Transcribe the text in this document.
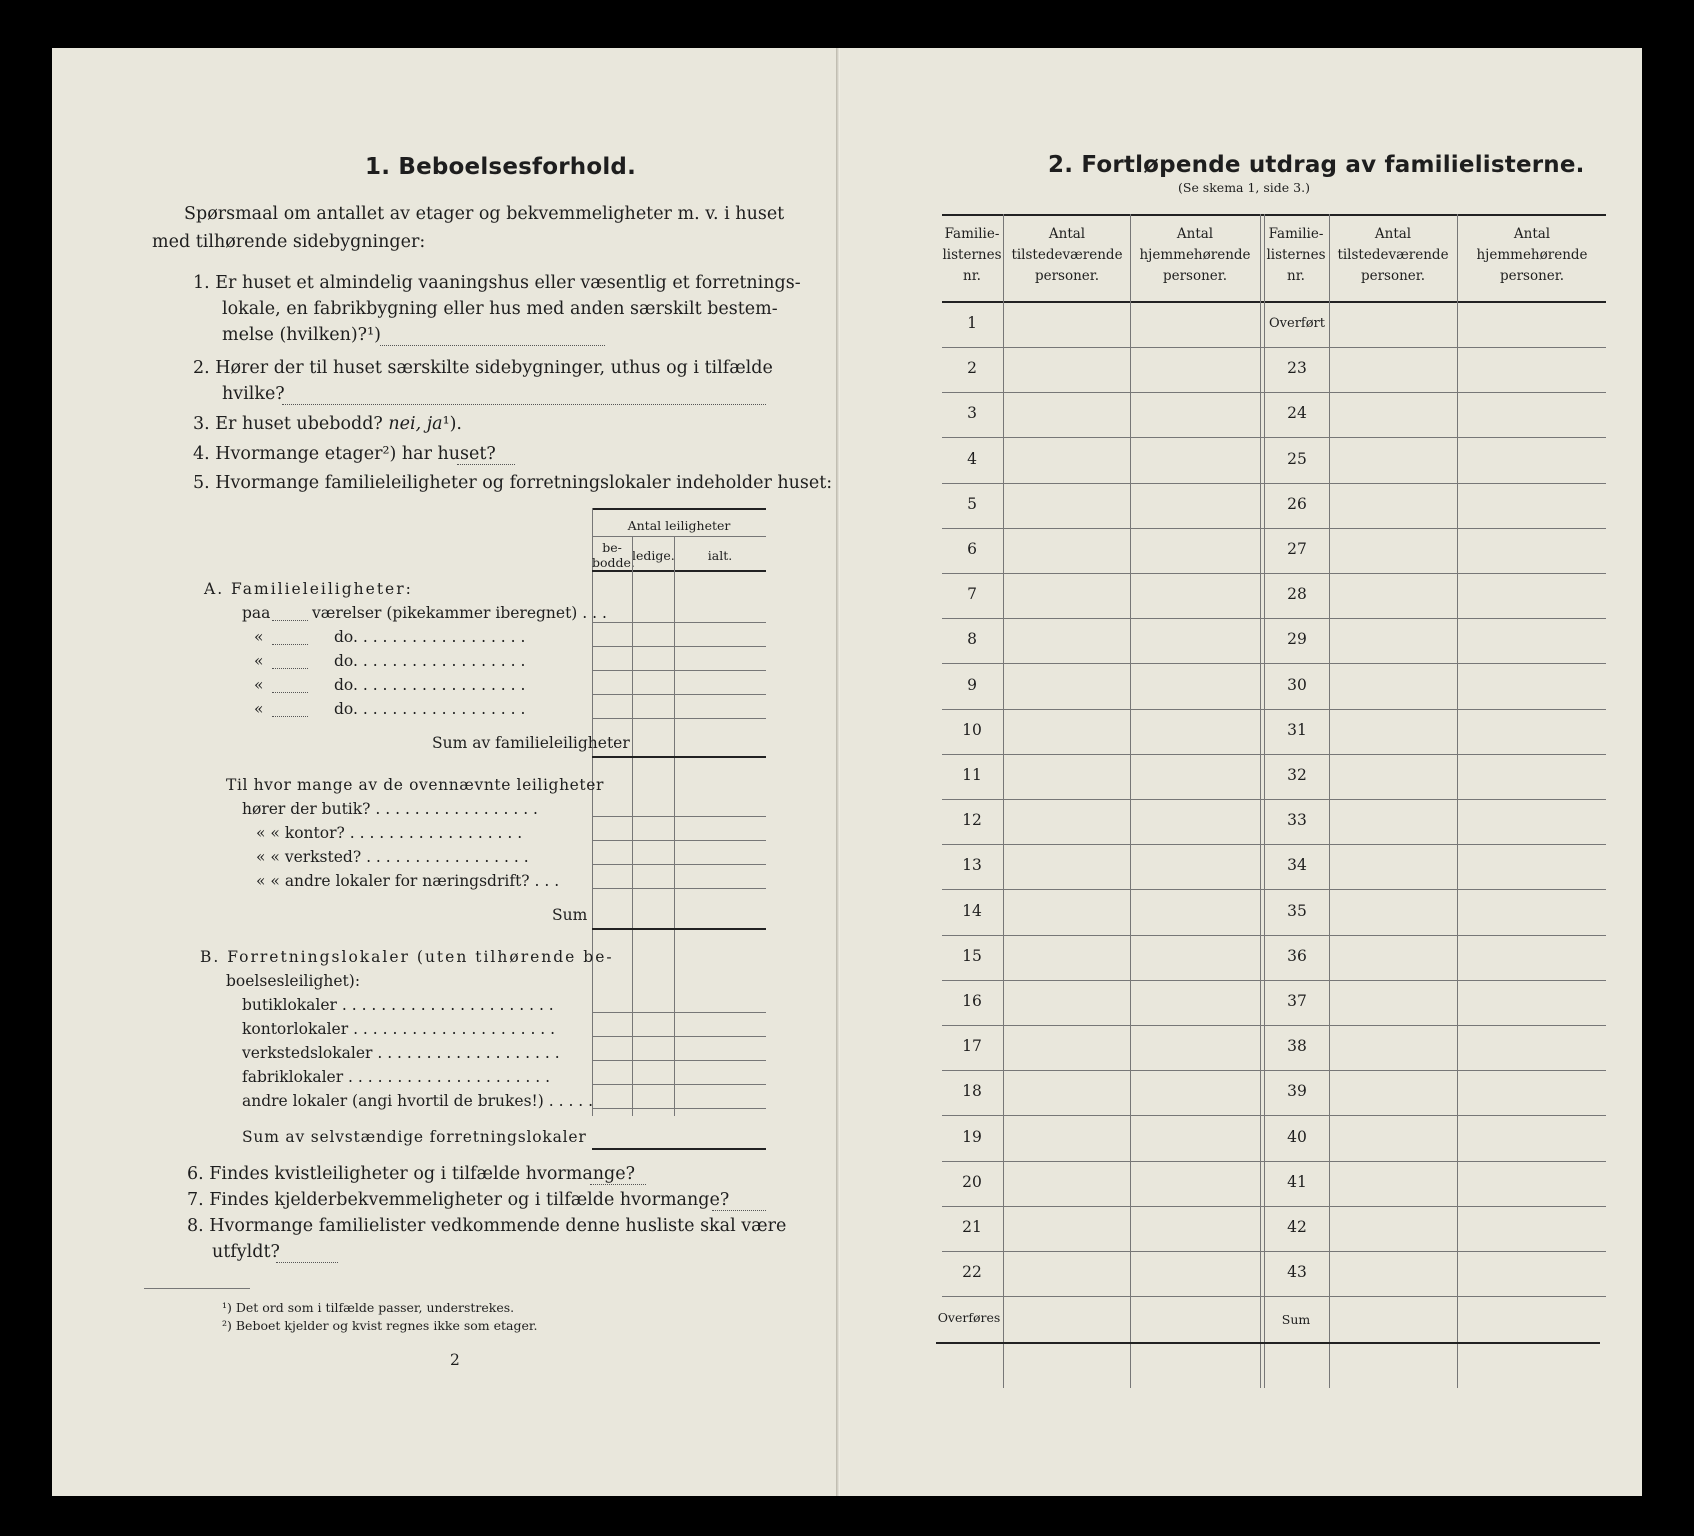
1. Beboelsesforhold.
Spørsmaal om antallet av etager og bekvemmeligheter m. v. i huset
med tilhørende sidebygninger:
1. Er huset et almindelig vaaningshus eller væsentlig et forretnings-
lokale, en fabrikbygning eller hus med anden særskilt bestem-
melse (hvilken)?¹)
2. Hører der til huset særskilte sidebygninger, uthus og i tilfælde
hvilke?
3. Er huset ubebodd? nei, ja¹).
4. Hvormange etager²) har huset?
5. Hvormange familieleiligheter og forretningslokaler indeholder huset:
Antal leiligheter
be-
bodde.
ledige.	ialt.
A. Familieleiligheter:
paa	værelser (pikekammer iberegnet) . . .
«	do. . . . . . . . . . . . . . . . . .
«	do. . . . . . . . . . . . . . . . . .
«	do. . . . . . . . . . . . . . . . . .
«	do. . . . . . . . . . . . . . . . . .
Sum av familieleiligheter
Til hvor mange av de ovennævnte leiligheter
hører der butik? . . . . . . . . . . . . . . . . .
« « kontor? . . . . . . . . . . . . . . . . . .
« « verksted? . . . . . . . . . . . . . . . . .
« « andre lokaler for næringsdrift? . . .
Sum
B. Forretningslokaler (uten tilhørende be-
boelsesleilighet):
butiklokaler . . . . . . . . . . . . . . . . . . . . . .
kontorlokaler . . . . . . . . . . . . . . . . . . . . .
verkstedslokaler . . . . . . . . . . . . . . . . . . .
fabriklokaler . . . . . . . . . . . . . . . . . . . . .
andre lokaler (angi hvortil de brukes!) . . . . .
Sum av selvstændige forretningslokaler
6. Findes kvistleiligheter og i tilfælde hvormange?
7. Findes kjelderbekvemmeligheter og i tilfælde hvormange?
8. Hvormange familielister vedkommende denne husliste skal være
utfyldt?
¹) Det ord som i tilfælde passer, understrekes.
²) Beboet kjelder og kvist regnes ikke som etager.
2
2. Fortløpende utdrag av familielisterne.
(Se skema 1, side 3.)
Familie-
listernes
nr.
Antal
tilstedeværende
personer.
Antal
hjemmehørende
personer.
Familie-
listernes
nr.
Antal
tilstedeværende
personer.
Antal
hjemmehørende
personer.
1	Overført
2	23
3	24
4	25
5	26
6	27
7	28
8	29
9	30
10	31
11	32
12	33
13	34
14	35
15	36
16	37
17	38
18	39
19	40
20	41
21	42
22	43
Overføres	Sum
